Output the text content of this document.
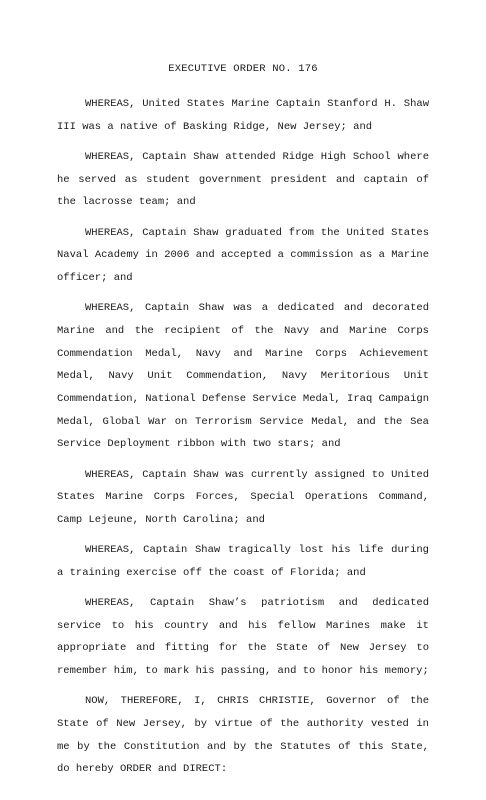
EXECUTIVE ORDER NO. 176

WHEREAS, United States Marine Captain Stanford H. Shaw III was a native of Basking Ridge, New Jersey; and

WHEREAS, Captain Shaw attended Ridge High School where he served as student government president and captain of the lacrosse team; and

WHEREAS, Captain Shaw graduated from the United States Naval Academy in 2006 and accepted a commission as a Marine officer; and

WHEREAS, Captain Shaw was a dedicated and decorated Marine and the recipient of the Navy and Marine Corps Commendation Medal, Navy and Marine Corps Achievement Medal, Navy Unit Commendation, Navy Meritorious Unit Commendation, National Defense Service Medal, Iraq Campaign Medal, Global War on Terrorism Service Medal, and the Sea Service Deployment ribbon with two stars; and

WHEREAS, Captain Shaw was currently assigned to United States Marine Corps Forces, Special Operations Command, Camp Lejeune, North Carolina; and

WHEREAS, Captain Shaw tragically lost his life during a training exercise off the coast of Florida; and

WHEREAS, Captain Shaw’s patriotism and dedicated service to his country and his fellow Marines make it appropriate and fitting for the State of New Jersey to remember him, to mark his passing, and to honor his memory;

NOW, THEREFORE, I, CHRIS CHRISTIE, Governor of the State of New Jersey, by virtue of the authority vested in me by the Constitution and by the Statutes of this State, do hereby ORDER and DIRECT:
